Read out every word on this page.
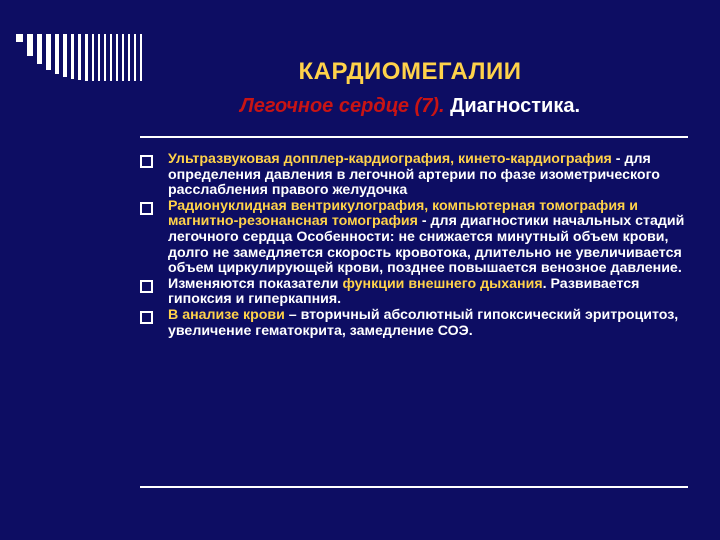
КАРДИОМЕГАЛИИ
Легочное сердце (7). Диагностика.
Ультразвуковая допплер-кардиография, кинето-кардиография - для определения давления в легочной артерии по фазе изометрического расслабления правого желудочка
Радионуклидная вентрикулография, компьютерная томография и магнитно-резонансная томография - для диагностики начальных стадий легочного сердца Особенности: не снижается минутный объем крови, долго не замедляется скорость кровотока, длительно не увеличивается объем циркулирующей крови, позднее повышается венозное давление.
Изменяются показатели функции внешнего дыхания. Развивается гипоксия и гиперкапния.
В анализе крови – вторичный абсолютный гипоксический эритроцитоз, увеличение гематокрита, замедление СОЭ.
